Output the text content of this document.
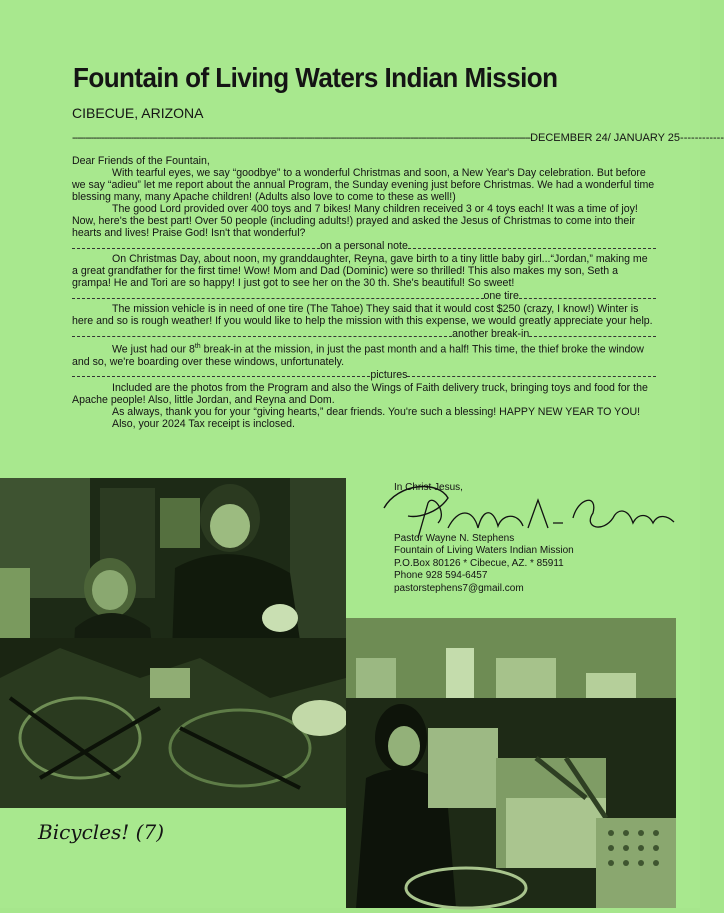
Fountain of Living Waters Indian Mission
CIBECUE, ARIZONA
----------------------------------------------------------------------------------------------------------------------------------------------------------------------------DECEMBER 24/ JANUARY 25------------

Dear Friends of the Fountain,

With tearful eyes, we say “goodbye” to a wonderful Christmas and soon, a New Year's Day celebration. But before we say “adieu” let me report about the annual Program, the Sunday evening just before Christmas. We had a wonderful time blessing many, many Apache children! (Adults also love to come to these as well!)

The good Lord provided over 400 toys and 7 bikes! Many children received 3 or 4 toys each! It was a time of joy! Now, here's the best part! Over 50 people (including adults!) prayed and asked the Jesus of Christmas to come into their hearts and lives! Praise God! Isn't that wonderful?

on a personal note

On Christmas Day, about noon, my granddaughter, Reyna, gave birth to a tiny little baby girl...“Jordan,” making me a great grandfather for the first time! Wow! Mom and Dad (Dominic) were so thrilled! This also makes my son, Seth a grampa! He and Tori are so happy! I just got to see her on the 30 th. She's beautiful! So sweet!

one tire

The mission vehicle is in need of one tire (The Tahoe) They said that it would cost $250 (crazy, I know!) Winter is here and so is rough weather! If you would like to help the mission with this expense, we would greatly appreciate your help.

another break-in

We just had our 8th break-in at the mission, in just the past month and a half! This time, the thief broke the window and so, we're boarding over these windows, unfortunately.

pictures

Included are the photos from the Program and also the Wings of Faith delivery truck, bringing toys and food for the Apache people! Also, little Jordan, and Reyna and Dom.

As always, thank you for your “giving hearts,” dear friends. You're such a blessing! HAPPY NEW YEAR TO YOU!

Also, your 2024 Tax receipt is inclosed.

In Christ Jesus,
Pastor Wayne N. Stephens
Fountain of Living Waters Indian Mission
P.O.Box 80126 * Cibecue, AZ. * 85911
Phone 928 594-6457
pastorstephens7@gmail.com
Bicycles! (7)
